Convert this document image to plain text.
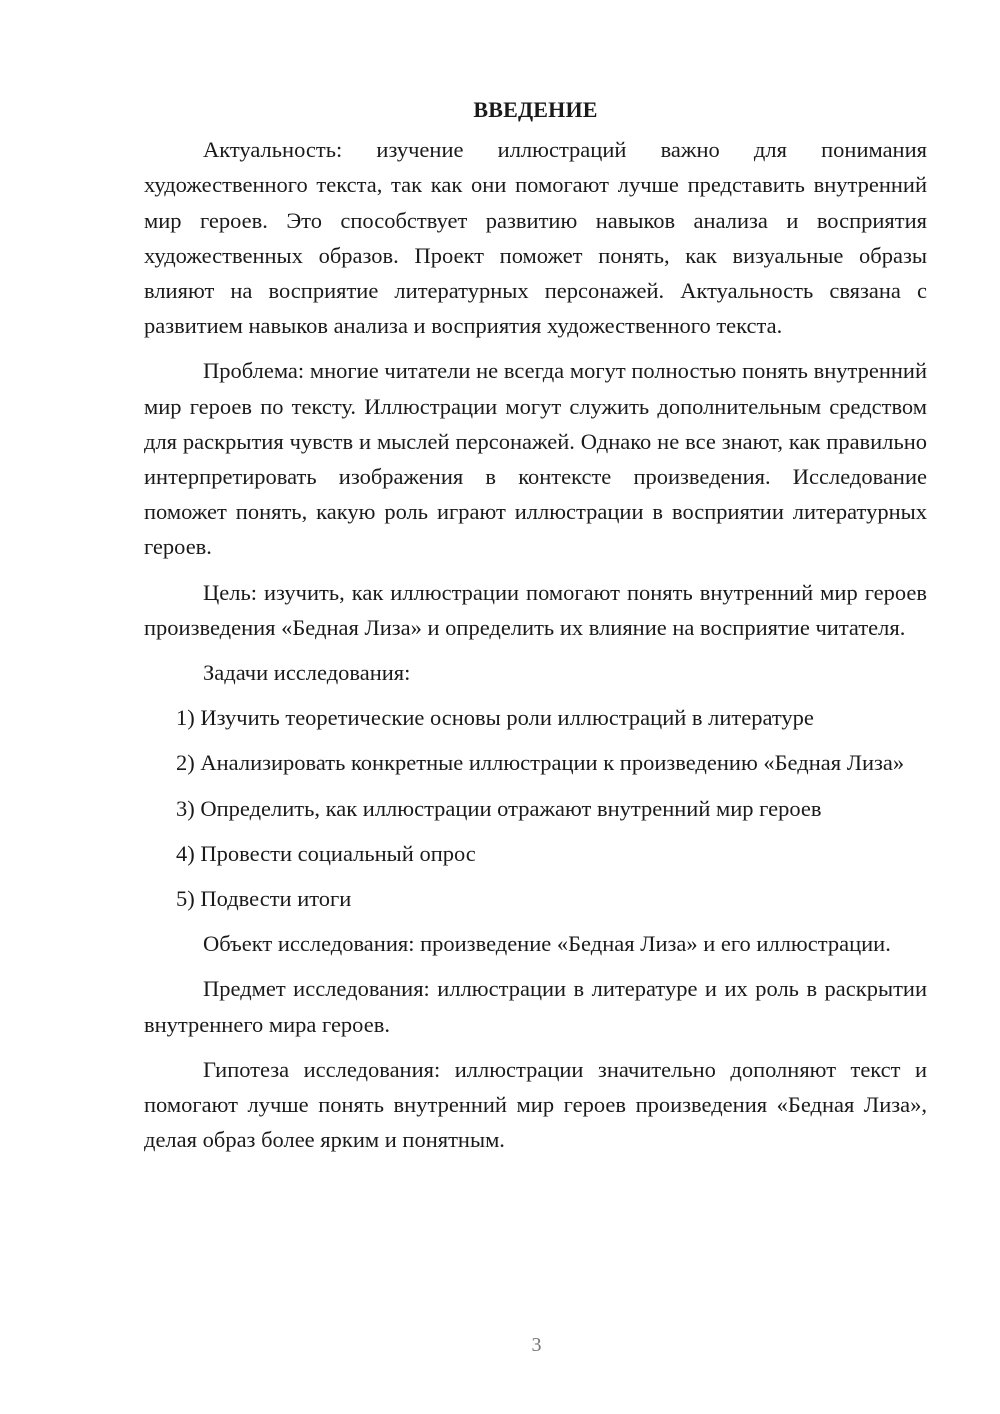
ВВЕДЕНИЕ

Актуальность: изучение иллюстраций важно для понимания художественного текста, так как они помогают лучше представить внутренний мир героев. Это способствует развитию навыков анализа и восприятия художественных образов. Проект поможет понять, как визуальные образы влияют на восприятие литературных персонажей. Актуальность связана с развитием навыков анализа и восприятия художественного текста.

Проблема: многие читатели не всегда могут полностью понять внутренний мир героев по тексту. Иллюстрации могут служить дополнительным средством для раскрытия чувств и мыслей персонажей. Однако не все знают, как правильно интерпретировать изображения в контексте произведения. Исследование поможет понять, какую роль играют иллюстрации в восприятии литературных героев.

Цель: изучить, как иллюстрации помогают понять внутренний мир героев произведения «Бедная Лиза» и определить их влияние на восприятие читателя.

Задачи исследования:

1) Изучить теоретические основы роли иллюстраций в литературе

2) Анализировать конкретные иллюстрации к произведению «Бедная Лиза»

3) Определить, как иллюстрации отражают внутренний мир героев

4) Провести социальный опрос

5) Подвести итоги

Объект исследования: произведение «Бедная Лиза» и его иллюстрации.

Предмет исследования: иллюстрации в литературе и их роль в раскрытии внутреннего мира героев.

Гипотеза исследования: иллюстрации значительно дополняют текст и помогают лучше понять внутренний мир героев произведения «Бедная Лиза», делая образ более ярким и понятным.

3
